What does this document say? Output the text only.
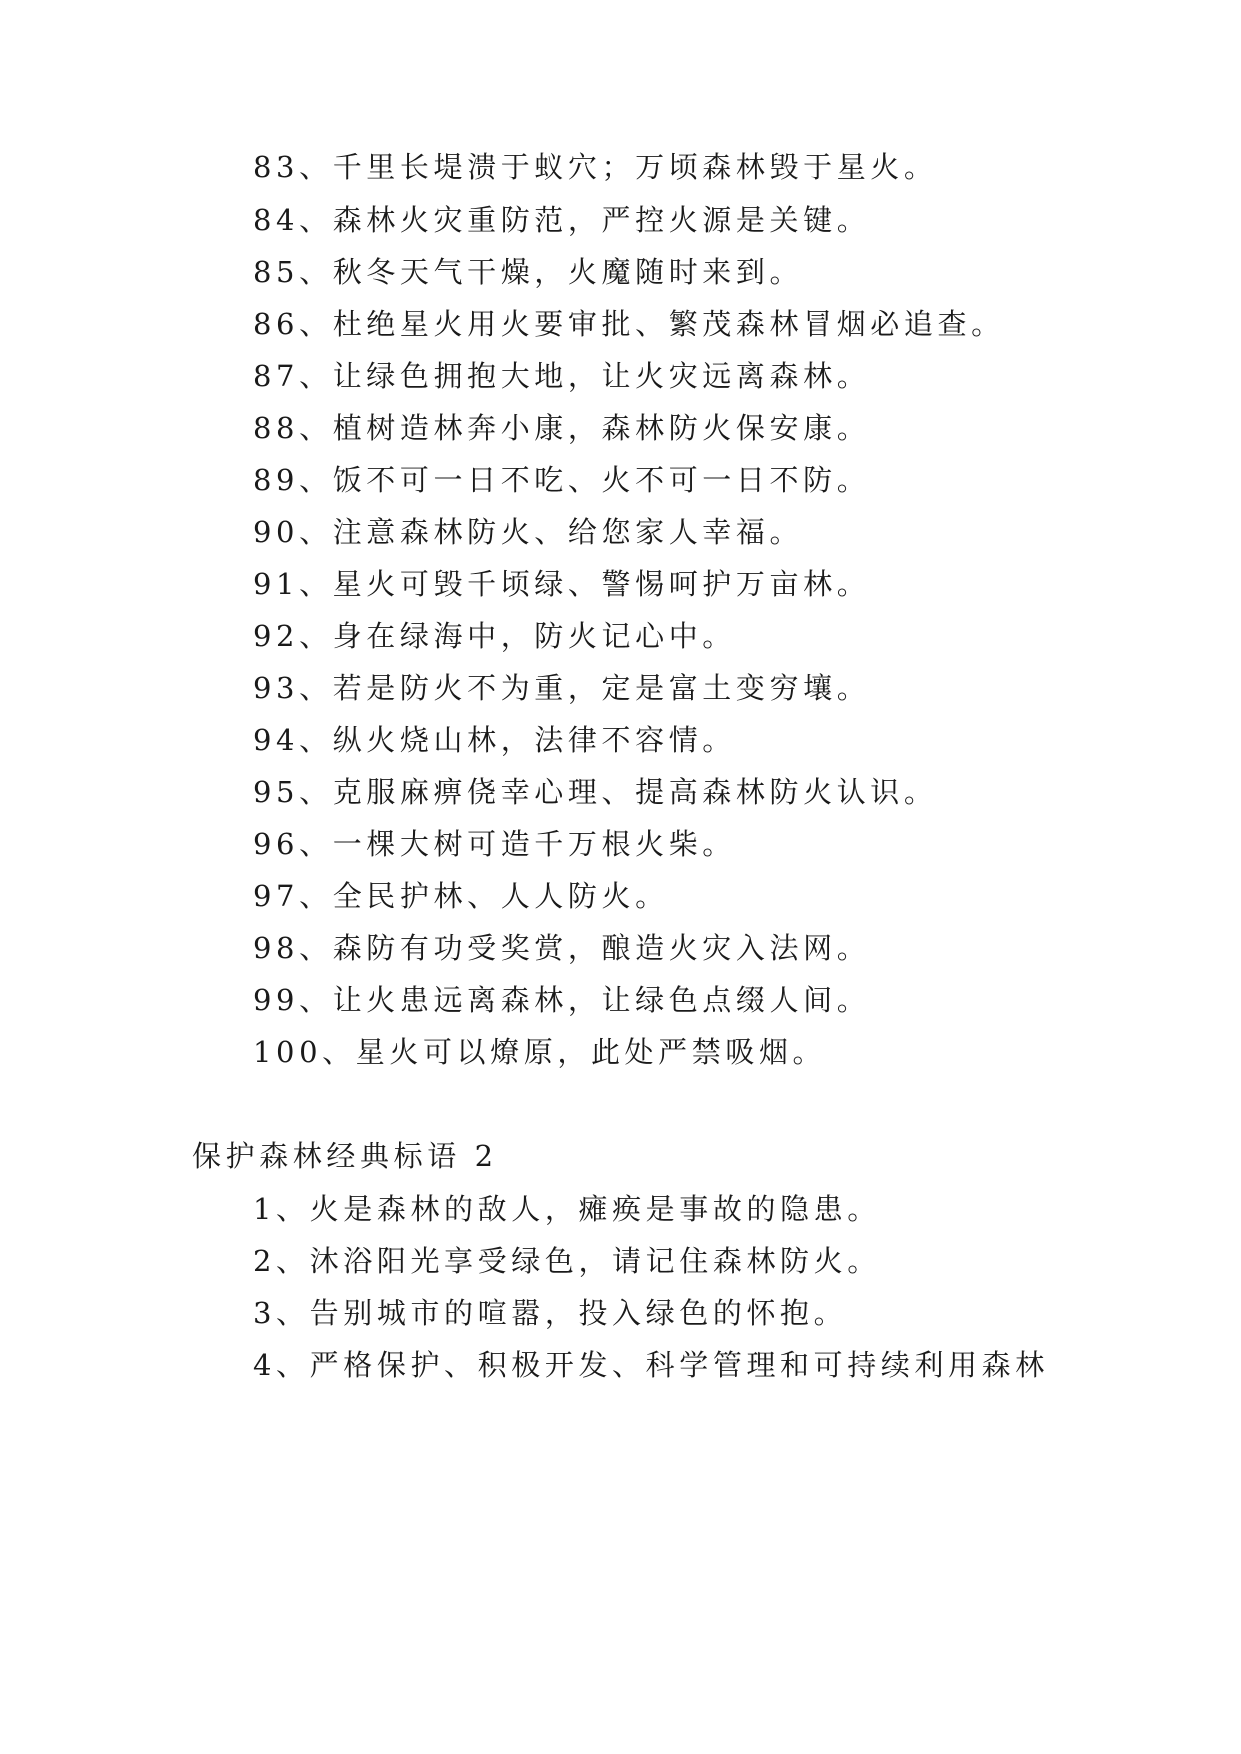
83、千里长堤溃于蚁穴；万顷森林毁于星火。
84、森林火灾重防范，严控火源是关键。
85、秋冬天气干燥，火魔随时来到。
86、杜绝星火用火要审批、繁茂森林冒烟必追查。
87、让绿色拥抱大地，让火灾远离森林。
88、植树造林奔小康，森林防火保安康。
89、饭不可一日不吃、火不可一日不防。
90、注意森林防火、给您家人幸福。
91、星火可毁千顷绿、警惕呵护万亩林。
92、身在绿海中，防火记心中。
93、若是防火不为重，定是富土变穷壤。
94、纵火烧山林，法律不容情。
95、克服麻痹侥幸心理、提高森林防火认识。
96、一棵大树可造千万根火柴。
97、全民护林、人人防火。
98、森防有功受奖赏，酿造火灾入法网。
99、让火患远离森林，让绿色点缀人间。
100、星火可以燎原，此处严禁吸烟。
保护森林经典标语 2
1、火是森林的敌人，瘫痪是事故的隐患。
2、沐浴阳光享受绿色，请记住森林防火。
3、告别城市的喧嚣，投入绿色的怀抱。
4、严格保护、积极开发、科学管理和可持续利用森林
